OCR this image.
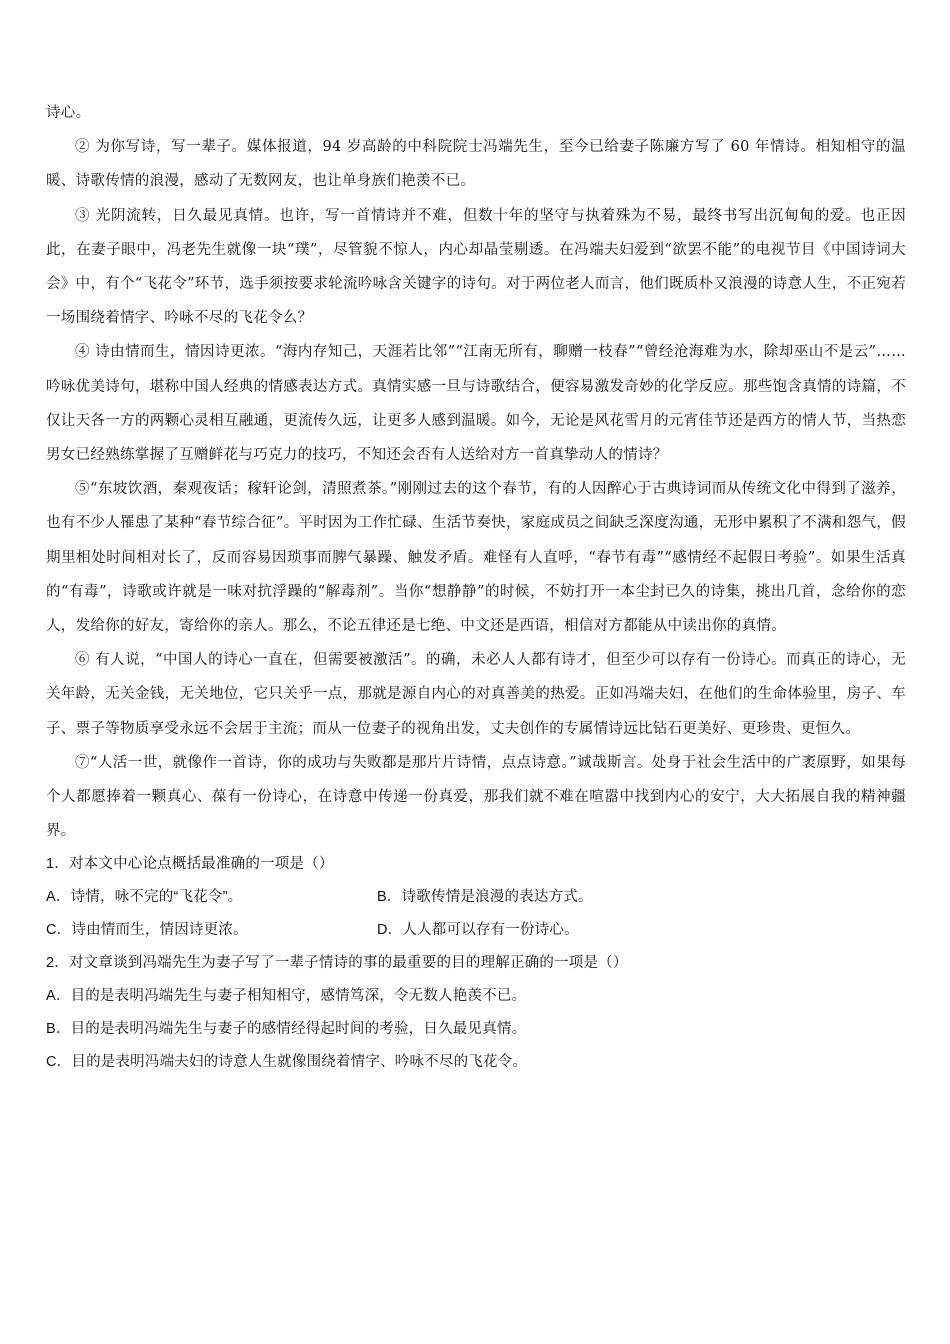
诗心。

② 为你写诗，写一辈子。媒体报道，94 岁高龄的中科院院士冯端先生，至今已给妻子陈廉方写了 60 年情诗。相知相守的温暖、诗歌传情的浪漫，感动了无数网友，也让单身族们艳羡不已。

③ 光阴流转，日久最见真情。也许，写一首情诗并不难，但数十年的坚守与执着殊为不易，最终书写出沉甸甸的爱。也正因此，在妻子眼中，冯老先生就像一块“璞”，尽管貌不惊人，内心却晶莹剔透。在冯端夫妇爱到“欲罢不能”的电视节目《中国诗词大会》中，有个“飞花令”环节，选手须按要求轮流吟咏含关键字的诗句。对于两位老人而言，他们既质朴又浪漫的诗意人生，不正宛若一场围绕着情字、吟咏不尽的飞花令么？

④ 诗由情而生，情因诗更浓。“海内存知己，天涯若比邻”“江南无所有，聊赠一枝春”“曾经沧海难为水，除却巫山不是云”……吟咏优美诗句，堪称中国人经典的情感表达方式。真情实感一旦与诗歌结合，便容易激发奇妙的化学反应。那些饱含真情的诗篇，不仅让天各一方的两颗心灵相互融通，更流传久远，让更多人感到温暖。如今，无论是风花雪月的元宵佳节还是西方的情人节，当热恋男女已经熟练掌握了互赠鲜花与巧克力的技巧，不知还会否有人送给对方一首真挚动人的情诗？

⑤“东坡饮酒，秦观夜话；稼轩论剑，清照煮茶。”刚刚过去的这个春节，有的人因醉心于古典诗词而从传统文化中得到了滋养，也有不少人罹患了某种“春节综合征”。平时因为工作忙碌、生活节奏快，家庭成员之间缺乏深度沟通，无形中累积了不满和怨气，假期里相处时间相对长了，反而容易因琐事而脾气暴躁、触发矛盾。难怪有人直呼，“春节有毒”“感情经不起假日考验”。如果生活真的“有毒”，诗歌或许就是一味对抗浮躁的“解毒剂”。当你“想静静”的时候，不妨打开一本尘封已久的诗集，挑出几首，念给你的恋人，发给你的好友，寄给你的亲人。那么，不论五律还是七绝、中文还是西语，相信对方都能从中读出你的真情。

⑥ 有人说，“中国人的诗心一直在，但需要被激活”。的确，未必人人都有诗才，但至少可以存有一份诗心。而真正的诗心，无关年龄，无关金钱，无关地位，它只关乎一点，那就是源自内心的对真善美的热爱。正如冯端夫妇，在他们的生命体验里，房子、车子、票子等物质享受永远不会居于主流；而从一位妻子的视角出发，丈夫创作的专属情诗远比钻石更美好、更珍贵、更恒久。

⑦“人活一世，就像作一首诗，你的成功与失败都是那片片诗情，点点诗意。”诚哉斯言。处身于社会生活中的广袤原野，如果每个人都愿捧着一颗真心、葆有一份诗心，在诗意中传递一份真爱，那我们就不难在喧嚣中找到内心的安宁，大大拓展自我的精神疆界。

1．对本文中心论点概括最准确的一项是（）

A．诗情，咏不完的“飞花令”。	B．诗歌传情是浪漫的表达方式。
C．诗由情而生，情因诗更浓。	D．人人都可以存有一份诗心。

2．对文章谈到冯端先生为妻子写了一辈子情诗的事的最重要的目的理解正确的一项是（）

A．目的是表明冯端先生与妻子相知相守，感情笃深，令无数人艳羡不已。

B．目的是表明冯端先生与妻子的感情经得起时间的考验，日久最见真情。

C．目的是表明冯端夫妇的诗意人生就像围绕着情字、吟咏不尽的飞花令。
